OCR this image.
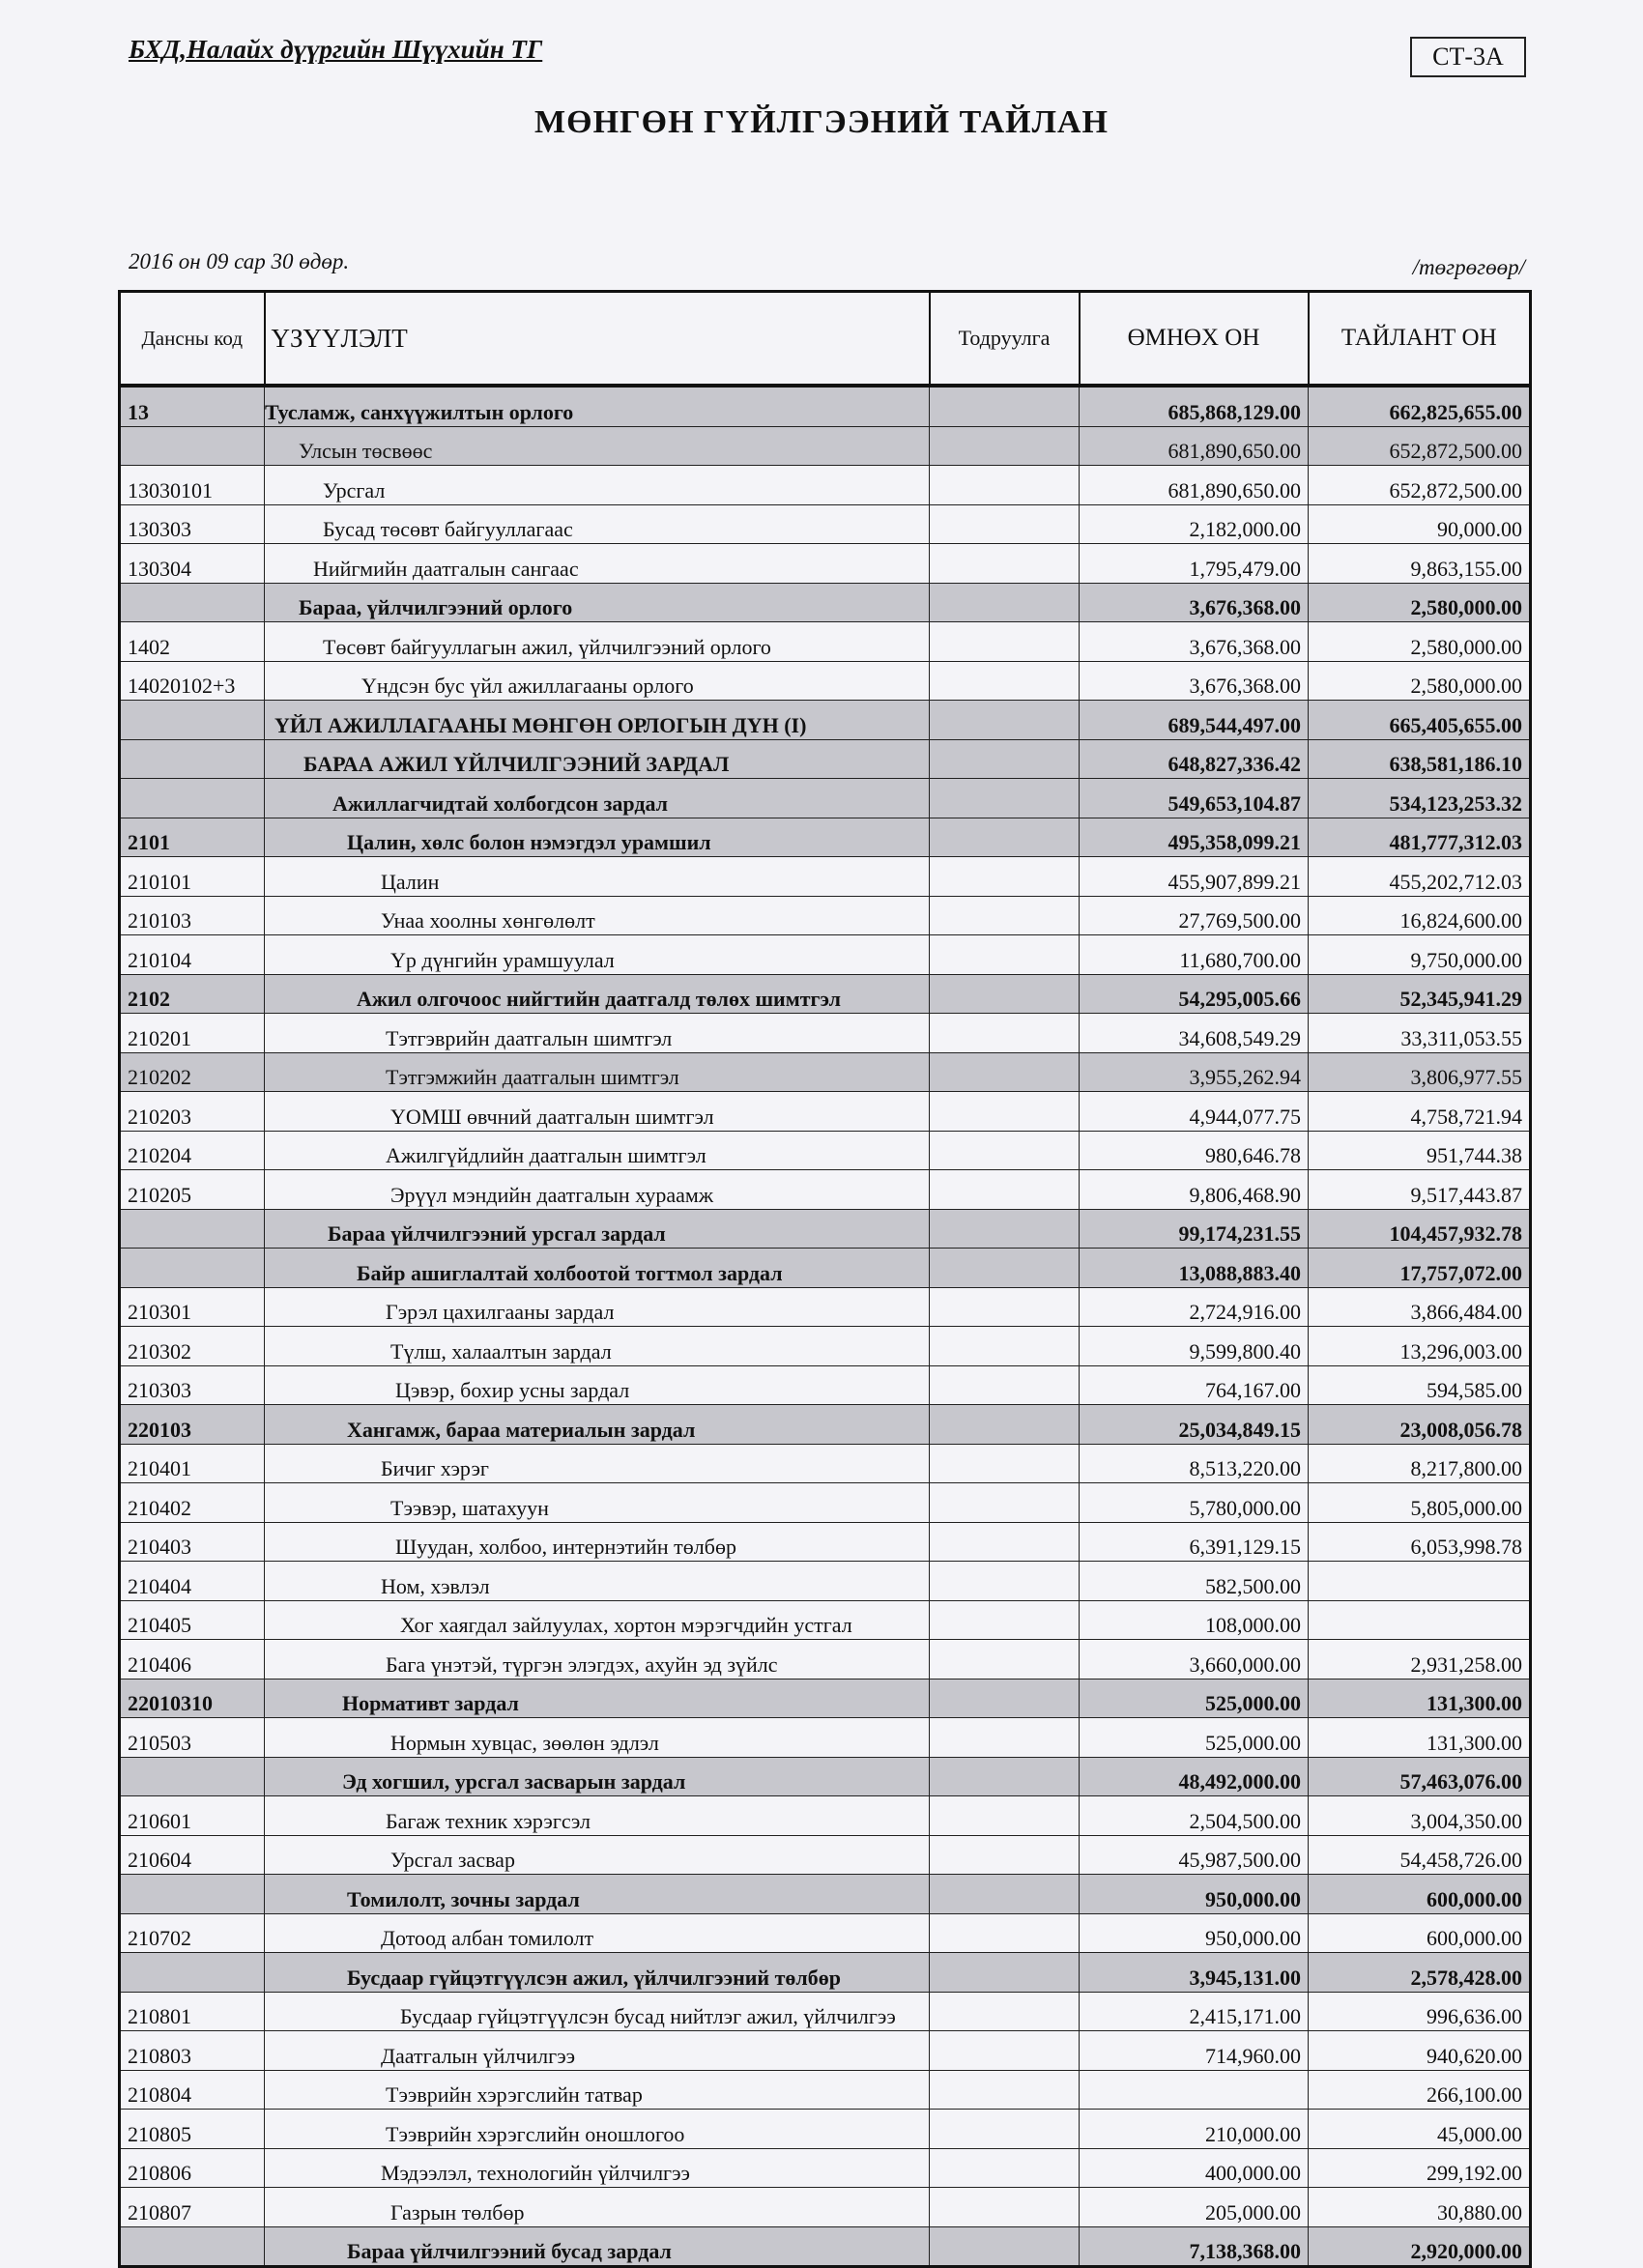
БХД,Налайх дүүргийн Шүүхийн ТГ	СТ-3А
МӨНГӨН ГҮЙЛГЭЭНИЙ ТАЙЛАН
2016 он 09 сар 30 өдөр.	/төгрөгөөр/
Дансны код	ҮЗҮҮЛЭЛТ	Тодруулга	ӨМНӨХ ОН	ТАЙЛАНТ ОН
13	Тусламж, санхүүжилтын орлого		685,868,129.00	662,825,655.00
	Улсын төсвөөс		681,890,650.00	652,872,500.00
13030101	Урсгал		681,890,650.00	652,872,500.00
130303	Бусад төсөвт байгууллагаас		2,182,000.00	90,000.00
130304	Нийгмийн даатгалын сангаас		1,795,479.00	9,863,155.00
	Бараа, үйлчилгээний орлого		3,676,368.00	2,580,000.00
1402	Төсөвт байгууллагын ажил, үйлчилгээний орлого		3,676,368.00	2,580,000.00
14020102+3	Үндсэн бус үйл ажиллагааны орлого		3,676,368.00	2,580,000.00
	ҮЙЛ АЖИЛЛАГААНЫ МӨНГӨН ОРЛОГЫН ДҮН (I)		689,544,497.00	665,405,655.00
	БАРАА АЖИЛ ҮЙЛЧИЛГЭЭНИЙ ЗАРДАЛ		648,827,336.42	638,581,186.10
	Ажиллагчидтай холбогдсон зардал		549,653,104.87	534,123,253.32
2101	Цалин, хөлс болон нэмэгдэл урамшил		495,358,099.21	481,777,312.03
210101	Цалин		455,907,899.21	455,202,712.03
210103	Унаа хоолны хөнгөлөлт		27,769,500.00	16,824,600.00
210104	Үр дүнгийн урамшуулал		11,680,700.00	9,750,000.00
2102	Ажил олгочоос нийгтийн даатгалд төлөх шимтгэл		54,295,005.66	52,345,941.29
210201	Тэтгэврийн даатгалын шимтгэл		34,608,549.29	33,311,053.55
210202	Тэтгэмжийн даатгалын шимтгэл		3,955,262.94	3,806,977.55
210203	ҮОМШ өвчний даатгалын шимтгэл		4,944,077.75	4,758,721.94
210204	Ажилгүйдлийн даатгалын шимтгэл		980,646.78	951,744.38
210205	Эрүүл мэндийн даатгалын хураамж		9,806,468.90	9,517,443.87
	Бараа үйлчилгээний урсгал зардал		99,174,231.55	104,457,932.78
	Байр ашиглалтай холбоотой тогтмол зардал		13,088,883.40	17,757,072.00
210301	Гэрэл цахилгааны зардал		2,724,916.00	3,866,484.00
210302	Түлш, халаалтын зардал		9,599,800.40	13,296,003.00
210303	Цэвэр, бохир усны зардал		764,167.00	594,585.00
220103	Хангамж, бараа материалын зардал		25,034,849.15	23,008,056.78
210401	Бичиг хэрэг		8,513,220.00	8,217,800.00
210402	Тээвэр, шатахуун		5,780,000.00	5,805,000.00
210403	Шуудан, холбоо, интернэтийн төлбөр		6,391,129.15	6,053,998.78
210404	Ном, хэвлэл		582,500.00	
210405	Хог хаягдал зайлуулах, хортон мэрэгчдийн устгал		108,000.00	
210406	Бага үнэтэй, түргэн элэгдэх, ахуйн эд зүйлс		3,660,000.00	2,931,258.00
22010310	Нормативт зардал		525,000.00	131,300.00
210503	Нормын хувцас, зөөлөн эдлэл		525,000.00	131,300.00
	Эд хогшил, урсгал засварын зардал		48,492,000.00	57,463,076.00
210601	Багаж техник хэрэгсэл		2,504,500.00	3,004,350.00
210604	Урсгал засвар		45,987,500.00	54,458,726.00
	Томилолт, зочны зардал		950,000.00	600,000.00
210702	Дотоод албан томилолт		950,000.00	600,000.00
	Бусдаар гүйцэтгүүлсэн ажил, үйлчилгээний төлбөр		3,945,131.00	2,578,428.00
210801	Бусдаар гүйцэтгүүлсэн бусад нийтлэг ажил, үйлчилгээ		2,415,171.00	996,636.00
210803	Даатгалын үйлчилгээ		714,960.00	940,620.00
210804	Тээврийн хэрэгслийн татвар			266,100.00
210805	Тээврийн хэрэгслийн оношлогоо		210,000.00	45,000.00
210806	Мэдээлэл, технологийн үйлчилгээ		400,000.00	299,192.00
210807	Газрын төлбөр		205,000.00	30,880.00
	Бараа үйлчилгээний бусад зардал		7,138,368.00	2,920,000.00
